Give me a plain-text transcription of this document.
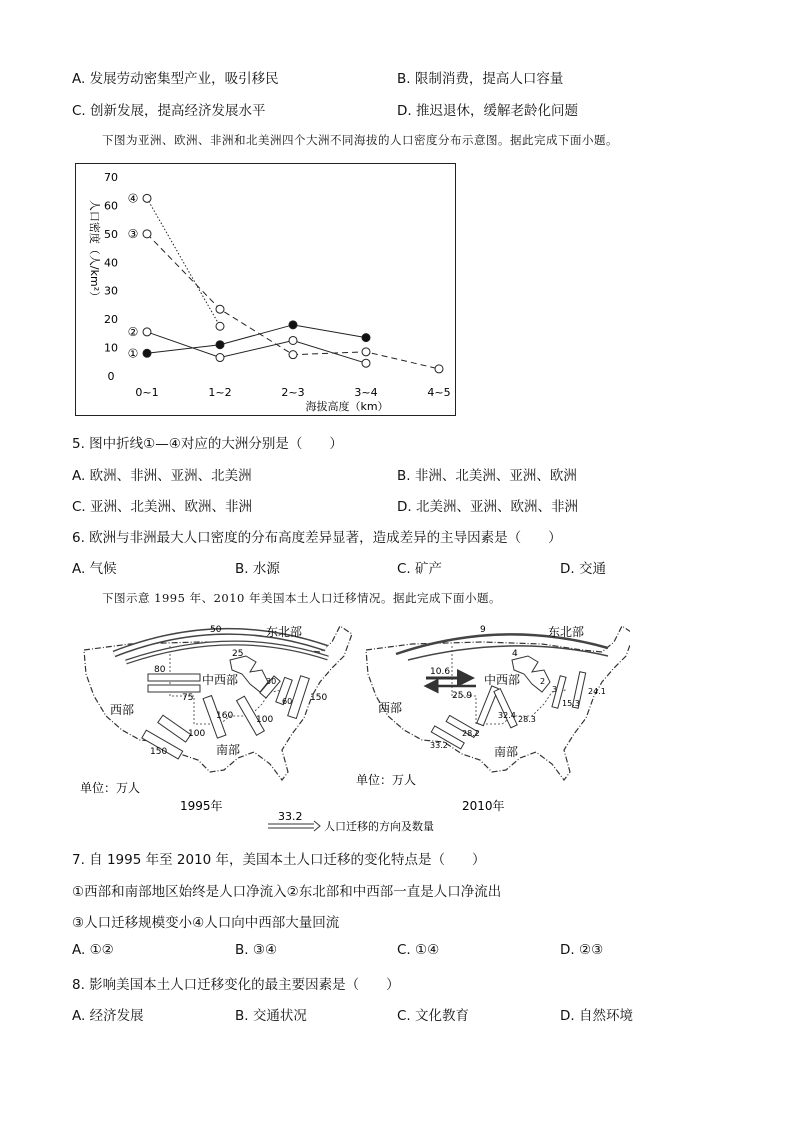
A. 发展劳动密集型产业，吸引移民	B. 限制消费，提高人口容量
C. 创新发展，提高经济发展水平	D. 推迟退休，缓解老龄化问题
下图为亚洲、欧洲、非洲和北美洲四个大洲不同海拔的人口密度分布示意图。据此完成下面小题。
人口密度（人/km²）
海拔高度（km）
0
10
20
30
40
50
60
70
0~1	1~2	2~3	3~4	4~5
①
②
③
④
5. 图中折线①—④对应的大洲分别是（　　）
A. 欧洲、非洲、亚洲、北美洲	B. 非洲、北美洲、亚洲、欧洲
C. 亚洲、北美洲、欧洲、非洲	D. 北美洲、亚洲、欧洲、非洲
6. 欧洲与非洲最大人口密度的分布高度差异显著，造成差异的主导因素是（　　）
A. 气候	B. 水源	C. 矿产	D. 交通
下图示意 1995 年、2010 年美国本土人口迁移情况。据此完成下面小题。
50
25
80
75
30
60 150
160	100
100
150
东北部
中西部
西部
南部
单位：万人
1995年
9
4
10.6
25.9
2
3
15.3
24.1
32.4 28.3
28.2
33.2
东北部
中西部
西部
南部
单位：万人
2010年
33.2
人口迁移的方向及数量
7. 自 1995 年至 2010 年，美国本土人口迁移的变化特点是（　　）
①西部和南部地区始终是人口净流入②东北部和中西部一直是人口净流出
③人口迁移规模变小④人口向中西部大量回流
A. ①②	B. ③④	C. ①④	D. ②③
8. 影响美国本土人口迁移变化的最主要因素是（　　）
A. 经济发展	B. 交通状况	C. 文化教育	D. 自然环境
